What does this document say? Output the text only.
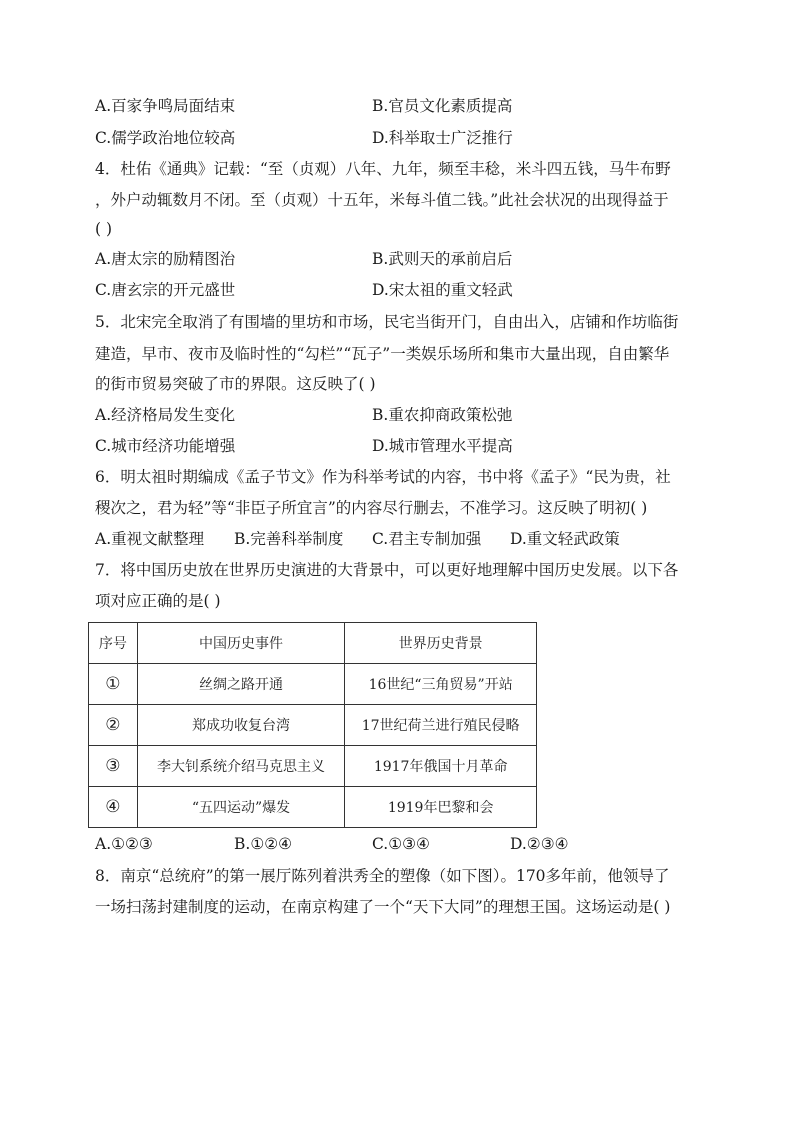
A.百家争鸣局面结束	B.官员文化素质提高
C.儒学政治地位较高	D.科举取士广泛推行
4．杜佑《通典》记载：“至（贞观）八年、九年，频至丰稔，米斗四五钱，马牛布野
，外户动辄数月不闭。至（贞观）十五年，米每斗值二钱。”此社会状况的出现得益于
( )
A.唐太宗的励精图治	B.武则天的承前启后
C.唐玄宗的开元盛世	D.宋太祖的重文轻武
5．北宋完全取消了有围墙的里坊和市场，民宅当街开门，自由出入，店铺和作坊临街
建造，早市、夜市及临时性的“勾栏”“瓦子”一类娱乐场所和集市大量出现，自由繁华
的街市贸易突破了市的界限。这反映了( )
A.经济格局发生变化	B.重农抑商政策松弛
C.城市经济功能增强	D.城市管理水平提高
6．明太祖时期编成《孟子节文》作为科举考试的内容，书中将《孟子》“民为贵，社
稷次之，君为轻”等“非臣子所宜言”的内容尽行删去，不准学习。这反映了明初( )
A.重视文献整理 B.完善科举制度 C.君主专制加强 D.重文轻武政策
7．将中国历史放在世界历史演进的大背景中，可以更好地理解中国历史发展。以下各
项对应正确的是( )
序号	中国历史事件	世界历史背景
①	丝绸之路开通	16世纪“三角贸易”开站
②	郑成功收复台湾	17世纪荷兰进行殖民侵略
③	李大钊系统介绍马克思主义	1917年俄国十月革命
④	“五四运动”爆发	1919年巴黎和会
A.①②③	B.①②④	C.①③④	D.②③④
8．南京“总统府”的第一展厅陈列着洪秀全的塑像（如下图）。170多年前，他领导了
一场扫荡封建制度的运动，在南京构建了一个“天下大同”的理想王国。这场运动是( )
